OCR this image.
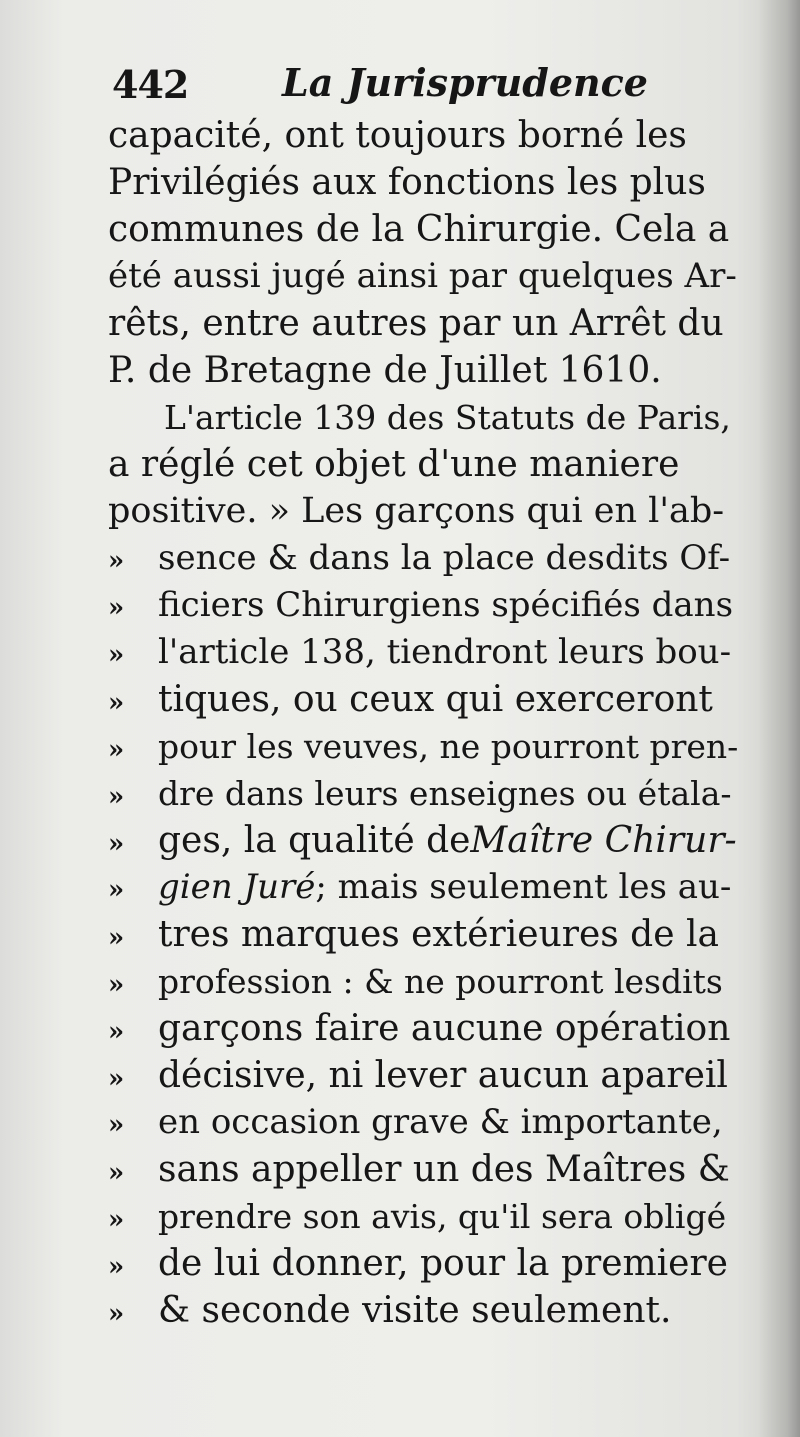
442 La Jurisprudence
capacité, ont toujours borné les
Privilégiés aux fonctions les plus
communes de la Chirurgie. Cela a
été aussi jugé ainsi par quelques Ar-
rêts, entre autres par un Arrêt du
P. de Bretagne de Juillet 1610.
L'article 139 des Statuts de Paris,
a réglé cet objet d'une maniere
positive. » Les garçons qui en l'ab-
» sence & dans la place desdits Of-
» ficiers Chirurgiens spécifiés dans
» l'article 138, tiendront leurs bou-
» tiques, ou ceux qui exerceront
»	pour les veuves, ne pourront pren-
»	dre dans leurs enseignes ou étala-
» ges, la qualité de Maître Chirur-
» gien Juré ; mais seulement les au-
» tres marques extérieures de la
»	profession : & ne pourront lesdits
» garçons faire aucune opération
» décisive, ni lever aucun apareil
» en occasion grave & importante,
» sans appeller un des Maîtres &
»	prendre son avis, qu'il sera obligé
» de lui donner, pour la premiere
» & seconde visite seulement.
